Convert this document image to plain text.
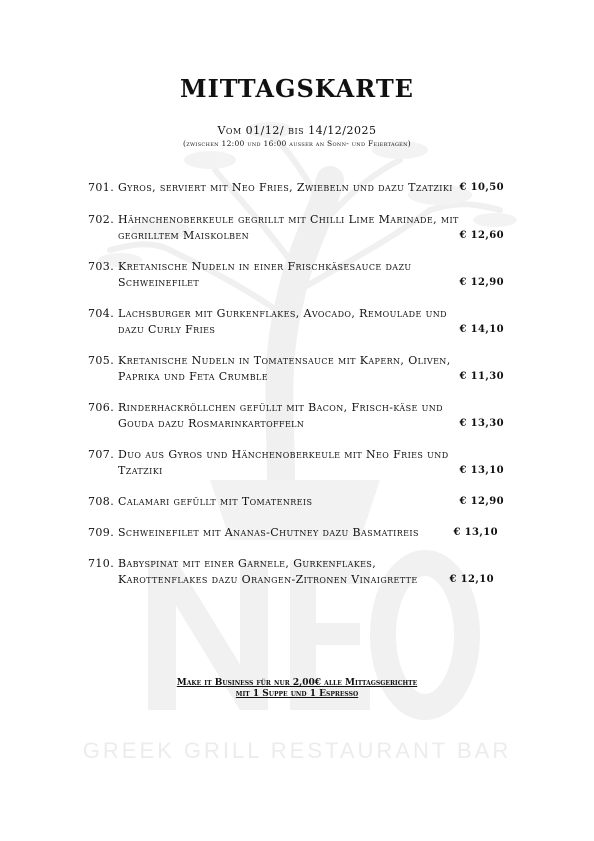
GREEK GRILL RESTAURANT BAR
MITTAGSKARTE
Vom 01/12/ bis 14/12/2025
(zwischen 12:00 und 16:00 ausser an Sonn- und Feiertagen)
701. Gyros, serviert mit Neo Fries, Zwiebeln und dazu Tzatziki € 10,50
702. Hähnchenoberkeule gegrillt mit Chilli Lime Marinade, mit gegrilltem Maiskolben	€ 12,60
703. Kretanische Nudeln in einer Frischkäsesauce dazu Schweinefilet	€ 12,90
704. Lachsburger mit Gurkenflakes, Avocado, Remoulade und dazu Curly Fries	€ 14,10
705. Kretanische Nudeln in Tomatensauce mit Kapern, Oliven, Paprika und Feta Crumble	€ 11,30
706. Rinderhackröllchen gefüllt mit Bacon, Frisch-käse und Gouda dazu Rosmarinkartoffeln	€ 13,30
707. Duo aus Gyros und Hänchenoberkeule mit Neo Fries und Tzatziki	€ 13,10
708. Calamari gefüllt mit Tomatenreis	€ 12,90
709. Schweinefilet mit Ananas-Chutney dazu Basmatireis	€ 13,10
710. Babyspinat mit einer Garnele, Gurkenflakes, Karottenflakes dazu Orangen-Zitronen Vinaigrette	€ 12,10
Make it Business für nur 2,00€ alle Mittagsgerichte
mit 1 Suppe und 1 Espresso
